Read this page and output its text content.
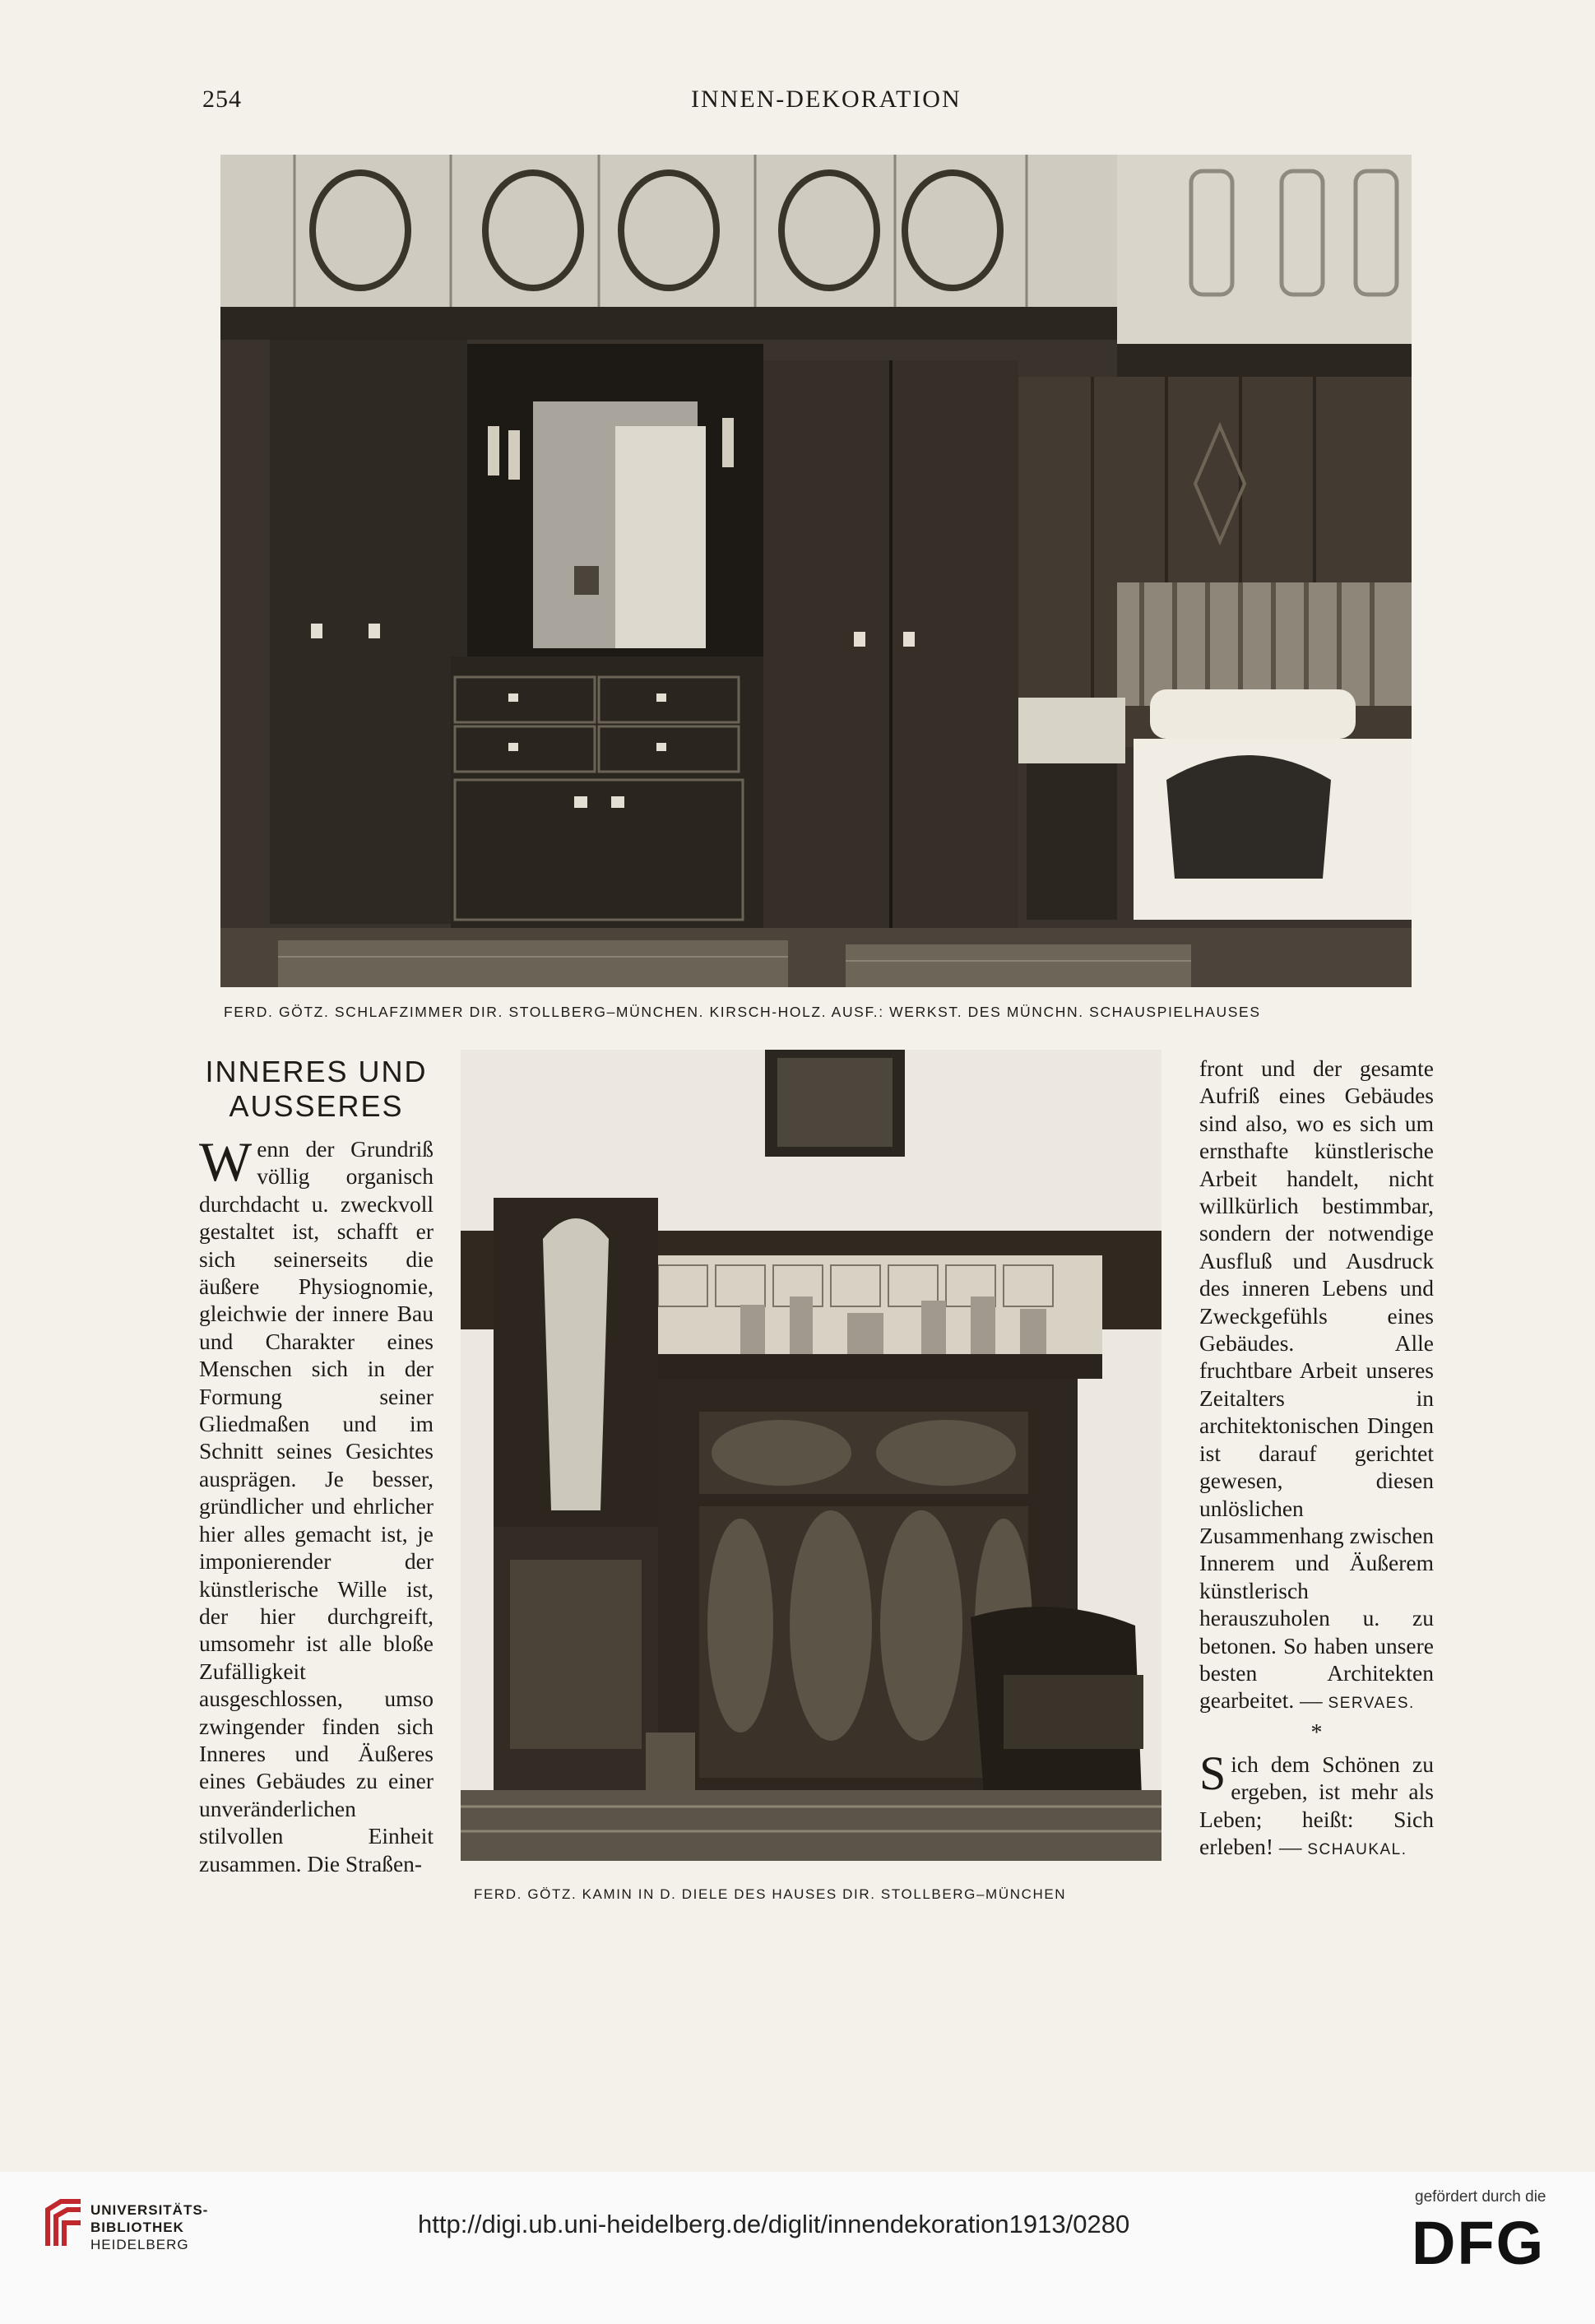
254	INNEN-DEKORATION
FERD. GÖTZ. SCHLAFZIMMER DIR. STOLLBERG–MÜNCHEN. KIRSCH-HOLZ. AUSF.: WERKST. DES MÜNCHN. SCHAUSPIELHAUSES
INNERES UND
AUSSERES

Wenn der Grundriß völlig organisch durchdacht u. zweckvoll gestaltet ist, schafft er sich seinerseits die äußere Physiognomie, gleichwie der innere Bau und Charakter eines Menschen sich in der Formung seiner Gliedmaßen und im Schnitt seines Gesichtes ausprägen. Je besser, gründlicher und ehrlicher hier alles gemacht ist, je imponierender der künstlerische Wille ist, der hier durchgreift, umsomehr ist alle bloße Zufälligkeit ausgeschlossen, umso zwingender finden sich Inneres und Äußeres eines Gebäudes zu einer unveränderlichen stilvollen Einheit zusammen. Die Straßen-

FERD. GÖTZ. KAMIN IN D. DIELE DES HAUSES DIR. STOLLBERG–MÜNCHEN

front und der gesamte Aufriß eines Gebäudes sind also, wo es sich um ernsthafte künstlerische Arbeit handelt, nicht willkürlich bestimmbar, sondern der notwendige Ausfluß und Ausdruck des inneren Lebens und Zweckgefühls eines Gebäudes. Alle fruchtbare Arbeit unseres Zeitalters in architektonischen Dingen ist darauf gerichtet gewesen, diesen unlöslichen Zusammenhang zwischen Innerem und Äußerem künstlerisch herauszuholen u. zu betonen. So haben unsere besten Architekten gearbeitet. — SERVAES.

*

Sich dem Schönen zu ergeben, ist mehr als Leben; heißt: Sich erleben! — SCHAUKAL.

UNIVERSITÄTS-
BIBLIOTHEK
HEIDELBERG
http://digi.ub.uni-heidelberg.de/diglit/innendekoration1913/0280
gefördert durch die
DFG
